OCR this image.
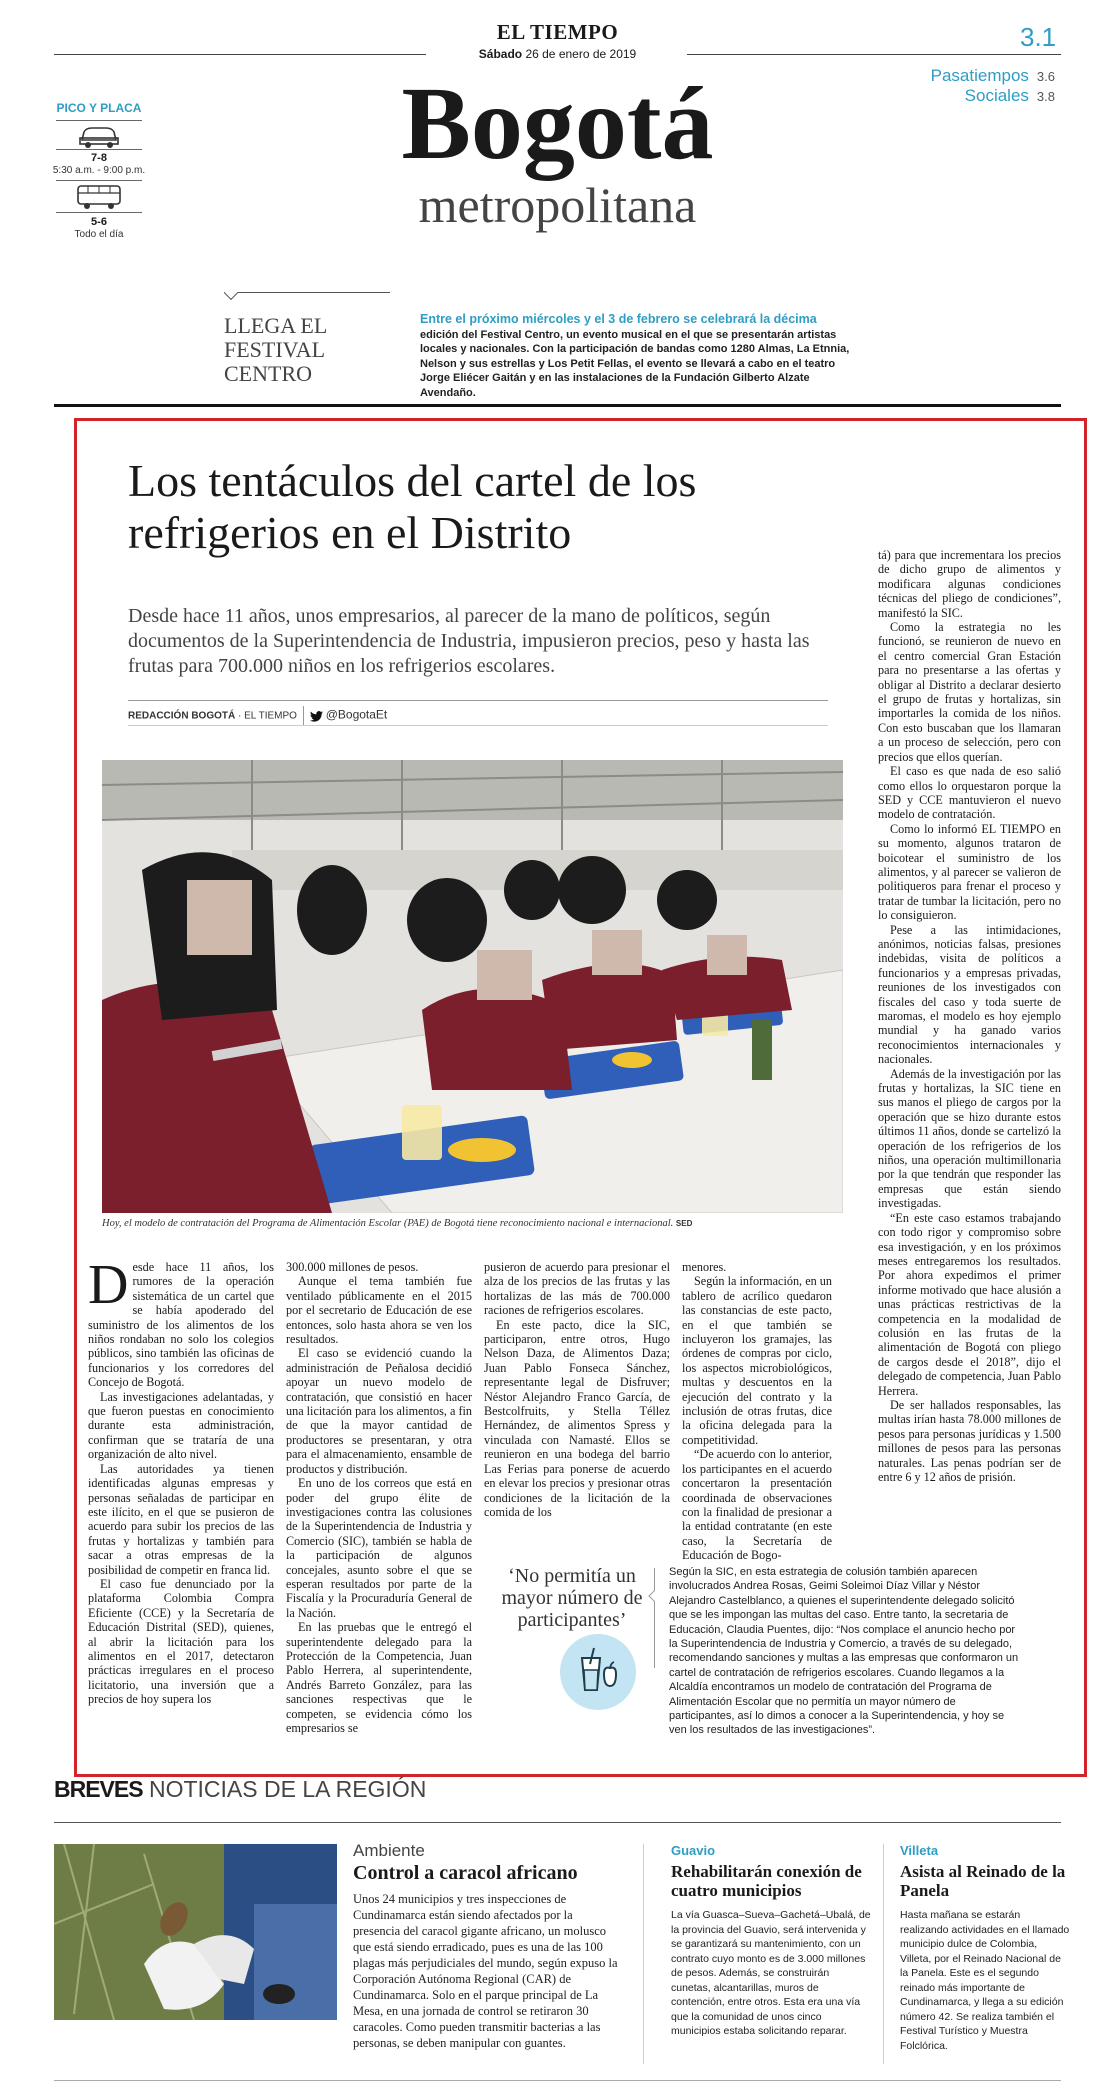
EL TIEMPO
Sábado 26 de enero de 2019
3.1
Pasatiempos 3.6
Sociales 3.8
Bogotá
metropolitana
PICO Y PLACA
7-8
5:30 a.m. - 9:00 p.m.
5-6
Todo el día
LLEGA EL FESTIVAL CENTRO
Entre el próximo miércoles y el 3 de febrero se celebrará la décima
edición del Festival Centro, un evento musical en el que se presentarán artistas locales y nacionales. Con la participación de bandas como 1280 Almas, La Etnnia, Nelson y sus estrellas y Los Petit Fellas, el evento se llevará a cabo en el teatro Jorge Eliécer Gaitán y en las instalaciones de la Fundación Gilberto Alzate Avendaño.
Los tentáculos del cartel de los refrigerios en el Distrito
Desde hace 11 años, unos empresarios, al parecer de la mano de políticos, según documentos de la Superintendencia de Industria, impusieron precios, peso y hasta las frutas para 700.000 niños en los refrigerios escolares.
REDACCIÓN BOGOTÁ · EL TIEMPO @BogotaEt
Hoy, el modelo de contratación del Programa de Alimentación Escolar (PAE) de Bogotá tiene reconocimiento nacional e internacional. SED

Desde hace 11 años, los rumores de la operación sistemática de un cartel que se había apoderado del suministro de los alimentos de los niños rondaban no solo los colegios públicos, sino también las oficinas de funcionarios y los corredores del Concejo de Bogotá.

Las investigaciones adelantadas, y que fueron puestas en conocimiento durante esta administración, confirman que se trataría de una organización de alto nivel.

Las autoridades ya tienen identificadas algunas empresas y personas señaladas de participar en este ilícito, en el que se pusieron de acuerdo para subir los precios de las frutas y hortalizas y también para sacar a otras empresas de la posibilidad de competir en franca lid.

El caso fue denunciado por la plataforma Colombia Compra Eficiente (CCE) y la Secretaría de Educación Distrital (SED), quienes, al abrir la licitación para los alimentos en el 2017, detectaron prácticas irregulares en el proceso licitatorio, una inversión que a precios de hoy supera los

300.000 millones de pesos.

Aunque el tema también fue ventilado públicamente en el 2015 por el secretario de Educación de ese entonces, solo hasta ahora se ven los resultados.

El caso se evidenció cuando la administración de Peñalosa decidió apoyar un nuevo modelo de contratación, que consistió en hacer una licitación para los alimentos, a fin de que la mayor cantidad de productores se presentaran, y otra para el almacenamiento, ensamble de productos y distribución.

En uno de los correos que está en poder del grupo élite de investigaciones contra las colusiones de la Superintendencia de Industria y Comercio (SIC), también se habla de la participación de algunos concejales, asunto sobre el que se esperan resultados por parte de la Fiscalía y la Procuraduría General de la Nación.

En las pruebas que le entregó el superintendente delegado para la Protección de la Competencia, Juan Pablo Herrera, al superintendente, Andrés Barreto González, para las sanciones respectivas que le competen, se evidencia cómo los empresarios se

pusieron de acuerdo para presionar el alza de los precios de las frutas y las hortalizas de las más de 700.000 raciones de refrigerios escolares.

En este pacto, dice la SIC, participaron, entre otros, Hugo Nelson Daza, de Alimentos Daza; Juan Pablo Fonseca Sánchez, representante legal de Disfruver; Néstor Alejandro Franco García, de Bestcolfruits, y Stella Téllez Hernández, de alimentos Spress y vinculada con Namasté. Ellos se reunieron en una bodega del barrio Las Ferias para ponerse de acuerdo en elevar los precios y presionar otras condiciones de la licitación de la comida de los

menores.

Según la información, en un tablero de acrílico quedaron las constancias de este pacto, en el que también se incluyeron los gramajes, las órdenes de compras por ciclo, los aspectos microbiológicos, multas y descuentos en la ejecución del contrato y la inclusión de otras frutas, dice la oficina delegada para la competitividad.

“De acuerdo con lo anterior, los participantes en el acuerdo concertaron la presentación coordinada de observaciones con la finalidad de presionar a la entidad contratante (en este caso, la Secretaría de Educación de Bogo-

tá) para que incrementara los precios de dicho grupo de alimentos y modificara algunas condiciones técnicas del pliego de condiciones”, manifestó la SIC.

Como la estrategia no les funcionó, se reunieron de nuevo en el centro comercial Gran Estación para no presentarse a las ofertas y obligar al Distrito a declarar desierto el grupo de frutas y hortalizas, sin importarles la comida de los niños. Con esto buscaban que los llamaran a un proceso de selección, pero con precios que ellos querían.

El caso es que nada de eso salió como ellos lo orquestaron porque la SED y CCE mantuvieron el nuevo modelo de contratación.

Como lo informó EL TIEMPO en su momento, algunos trataron de boicotear el suministro de los alimentos, y al parecer se valieron de politiqueros para frenar el proceso y tratar de tumbar la licitación, pero no lo consiguieron.

Pese a las intimidaciones, anónimos, noticias falsas, presiones indebidas, visita de políticos a funcionarios y a empresas privadas, reuniones de los investigados con fiscales del caso y toda suerte de maromas, el modelo es hoy ejemplo mundial y ha ganado varios reconocimientos internacionales y nacionales.

Además de la investigación por las frutas y hortalizas, la SIC tiene en sus manos el pliego de cargos por la operación que se hizo durante estos últimos 11 años, donde se cartelizó la operación de los refrigerios de los niños, una operación multimillonaria por la que tendrán que responder las empresas que están siendo investigadas.

“En este caso estamos trabajando con todo rigor y compromiso sobre esa investigación, y en los próximos meses entregaremos los resultados. Por ahora expedimos el primer informe motivado que hace alusión a unas prácticas restrictivas de la competencia en la modalidad de colusión en las frutas de la alimentación de Bogotá con pliego de cargos desde el 2018”, dijo el delegado de competencia, Juan Pablo Herrera.

De ser hallados responsables, las multas irían hasta 78.000 millones de pesos para personas jurídicas y 1.500 millones de pesos para las personas naturales. Las penas podrían ser de entre 6 y 12 años de prisión.

‘No permitía un mayor número de participantes’
Según la SIC, en esta estrategia de colusión también aparecen involucrados Andrea Rosas, Geimi Soleimoi Díaz Villar y Néstor Alejandro Castelblanco, a quienes el superintendente delegado solicitó que se les impongan las multas del caso. Entre tanto, la secretaria de Educación, Claudia Puentes, dijo: “Nos complace el anuncio hecho por la Superintendencia de Industria y Comercio, a través de su delegado, recomendando sanciones y multas a las empresas que conformaron un cartel de contratación de refrigerios escolares. Cuando llegamos a la Alcaldía encontramos un modelo de contratación del Programa de Alimentación Escolar que no permitía un mayor número de participantes, así lo dimos a conocer a la Superintendencia, y hoy se ven los resultados de las investigaciones”.
BREVES NOTICIAS DE LA REGIÓN
Ambiente
Control a caracol africano
Unos 24 municipios y tres inspecciones de Cundinamarca están siendo afectados por la presencia del caracol gigante africano, un molusco que está siendo erradicado, pues es una de las 100 plagas más perjudiciales del mundo, según expuso la Corporación Autónoma Regional (CAR) de Cundinamarca. Solo en el parque principal de La Mesa, en una jornada de control se retiraron 30 caracoles. Como pueden transmitir bacterias a las personas, se deben manipular con guantes.
Guavio
Rehabilitarán conexión de cuatro municipios
La vía Guasca–Sueva–Gachetá–Ubalá, de la provincia del Guavio, será intervenida y se garantizará su mantenimiento, con un contrato cuyo monto es de 3.000 millones de pesos. Además, se construirán cunetas, alcantarillas, muros de contención, entre otros. Esta era una vía que la comunidad de unos cinco municipios estaba solicitando reparar.
Villeta
Asista al Reinado de la Panela
Hasta mañana se estarán realizando actividades en el llamado municipio dulce de Colombia, Villeta, por el Reinado Nacional de la Panela. Este es el segundo reinado más importante de Cundinamarca, y llega a su edición número 42. Se realiza también el Festival Turístico y Muestra Folclórica.
